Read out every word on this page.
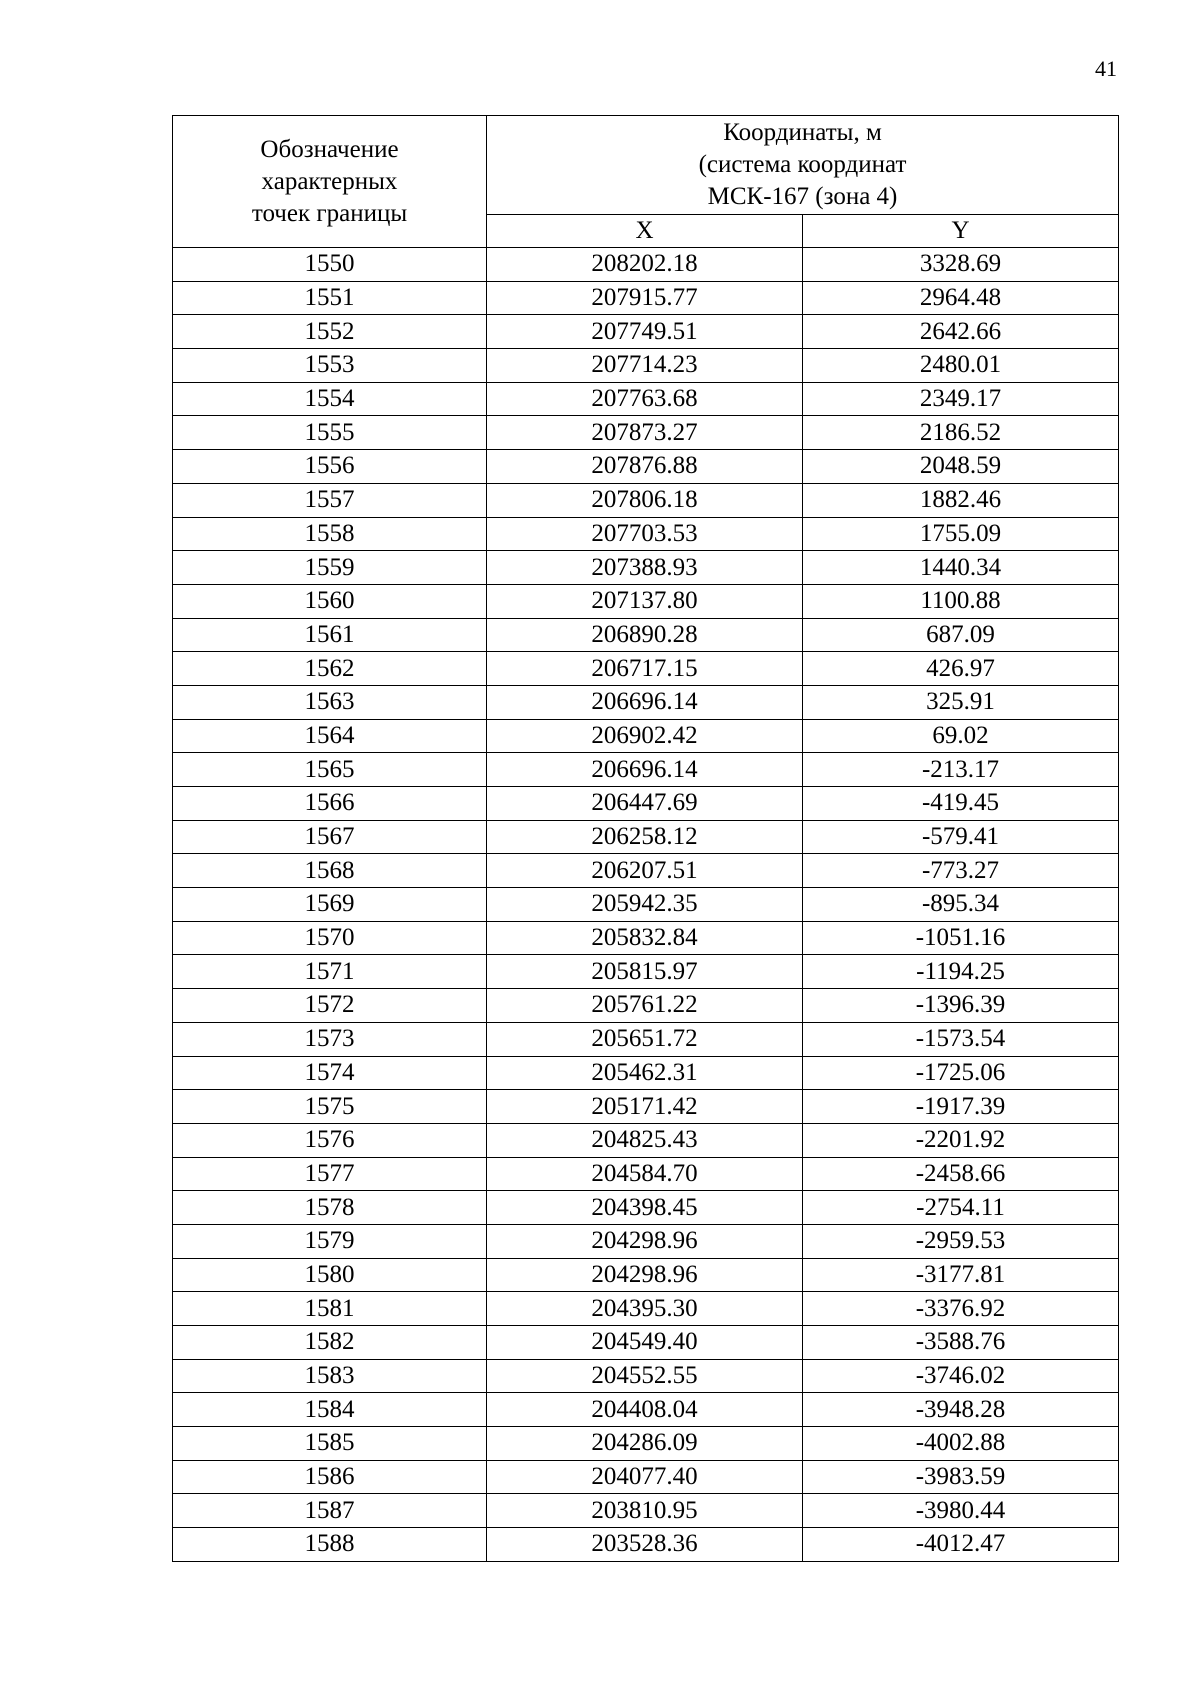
41
Обозначение
характерных
точек границы	Координаты, м
(система координат
МСК-167 (зона 4)	

	X	Y
1550	208202.18	3328.69
1551	207915.77	2964.48
1552	207749.51	2642.66
1553	207714.23	2480.01
1554	207763.68	2349.17
1555	207873.27	2186.52
1556	207876.88	2048.59
1557	207806.18	1882.46
1558	207703.53	1755.09
1559	207388.93	1440.34
1560	207137.80	1100.88
1561	206890.28	687.09
1562	206717.15	426.97
1563	206696.14	325.91
1564	206902.42	69.02
1565	206696.14	-213.17
1566	206447.69	-419.45
1567	206258.12	-579.41
1568	206207.51	-773.27
1569	205942.35	-895.34
1570	205832.84	-1051.16
1571	205815.97	-1194.25
1572	205761.22	-1396.39
1573	205651.72	-1573.54
1574	205462.31	-1725.06
1575	205171.42	-1917.39
1576	204825.43	-2201.92
1577	204584.70	-2458.66
1578	204398.45	-2754.11
1579	204298.96	-2959.53
1580	204298.96	-3177.81
1581	204395.30	-3376.92
1582	204549.40	-3588.76
1583	204552.55	-3746.02
1584	204408.04	-3948.28
1585	204286.09	-4002.88
1586	204077.40	-3983.59
1587	203810.95	-3980.44
1588	203528.36	-4012.47
